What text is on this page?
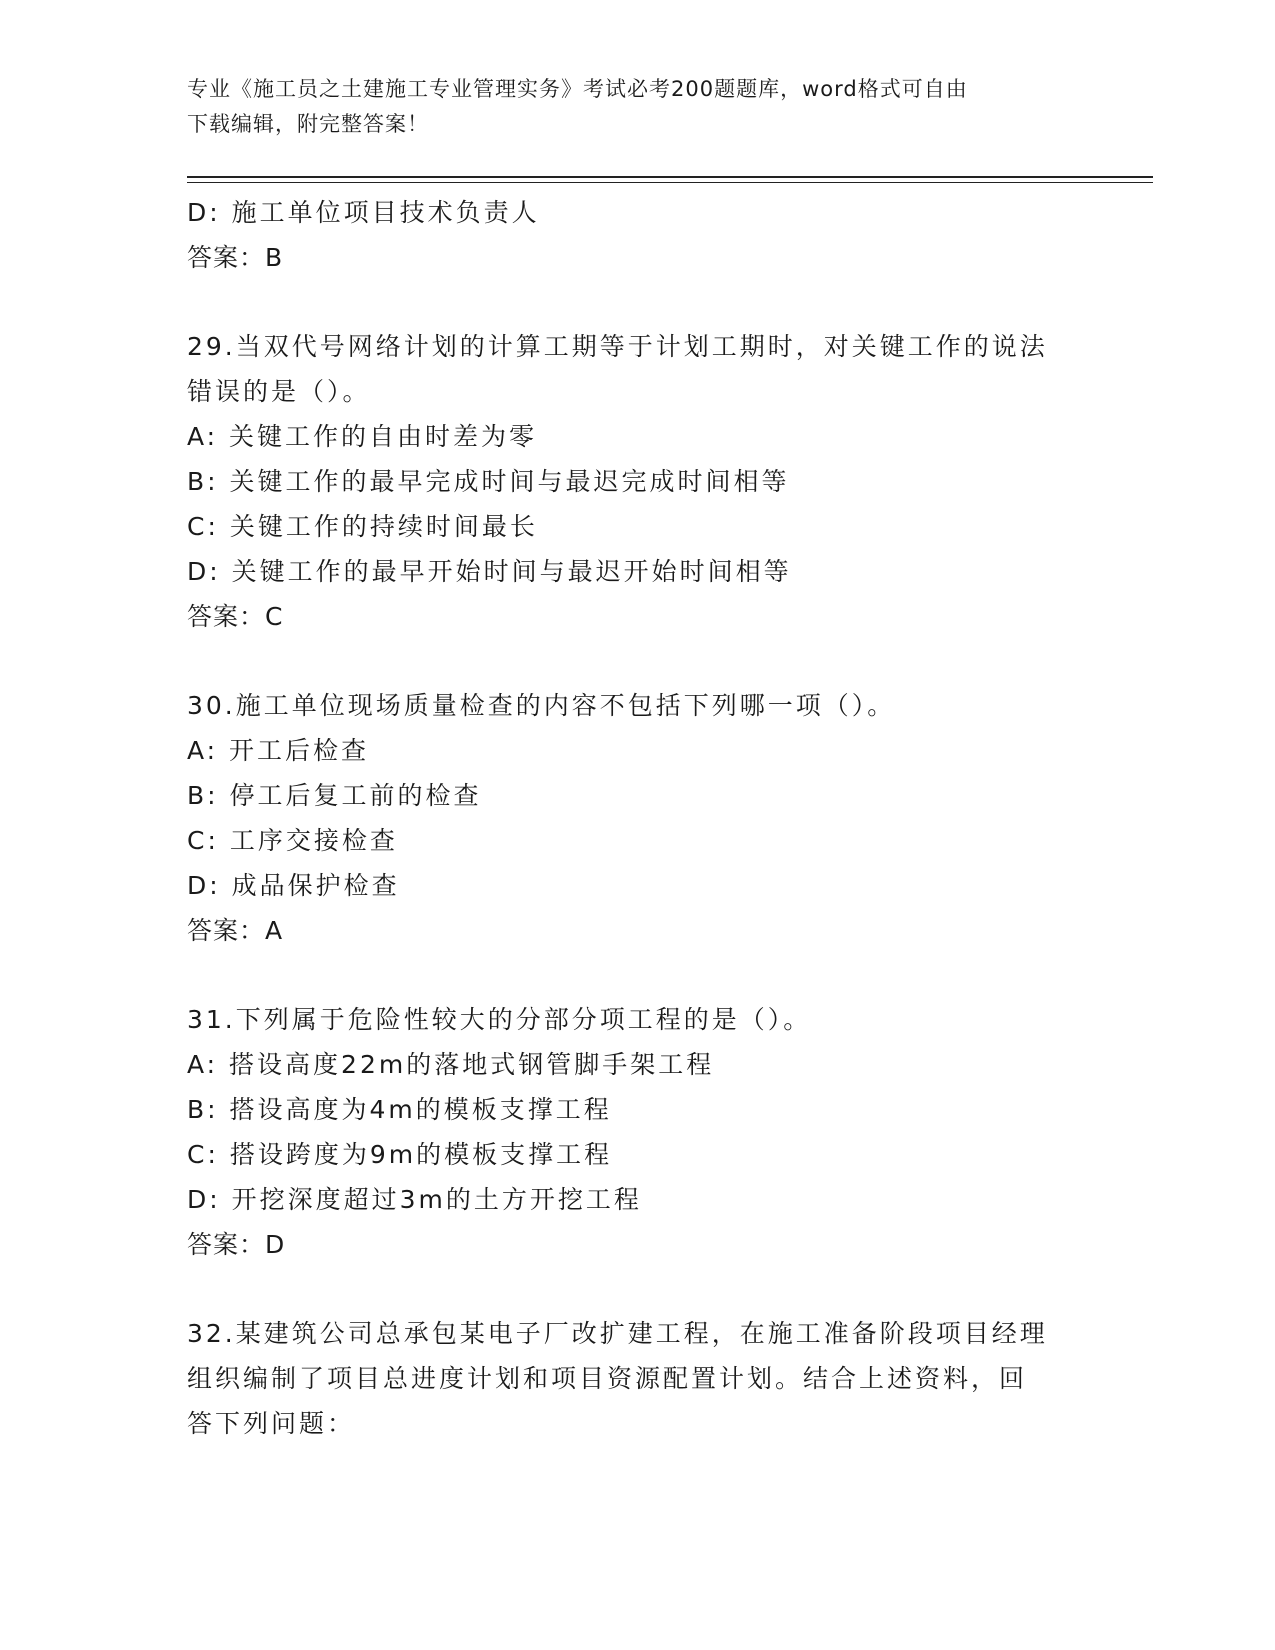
专业《施工员之土建施工专业管理实务》考试必考200题题库，word格式可自由
下载编辑，附完整答案！
D: 施工单位项目技术负责人
答案：B
29.当双代号网络计划的计算工期等于计划工期时，对关键工作的说法
错误的是（）。
A: 关键工作的自由时差为零
B: 关键工作的最早完成时间与最迟完成时间相等
C: 关键工作的持续时间最长
D: 关键工作的最早开始时间与最迟开始时间相等
答案：C
30.施工单位现场质量检查的内容不包括下列哪一项（）。
A: 开工后检查
B: 停工后复工前的检查
C: 工序交接检查
D: 成品保护检查
答案：A
31.下列属于危险性较大的分部分项工程的是（）。
A: 搭设高度22m的落地式钢管脚手架工程
B: 搭设高度为4m的模板支撑工程
C: 搭设跨度为9m的模板支撑工程
D: 开挖深度超过3m的土方开挖工程
答案：D
32.某建筑公司总承包某电子厂改扩建工程，在施工准备阶段项目经理
组织编制了项目总进度计划和项目资源配置计划。结合上述资料，回
答下列问题：
